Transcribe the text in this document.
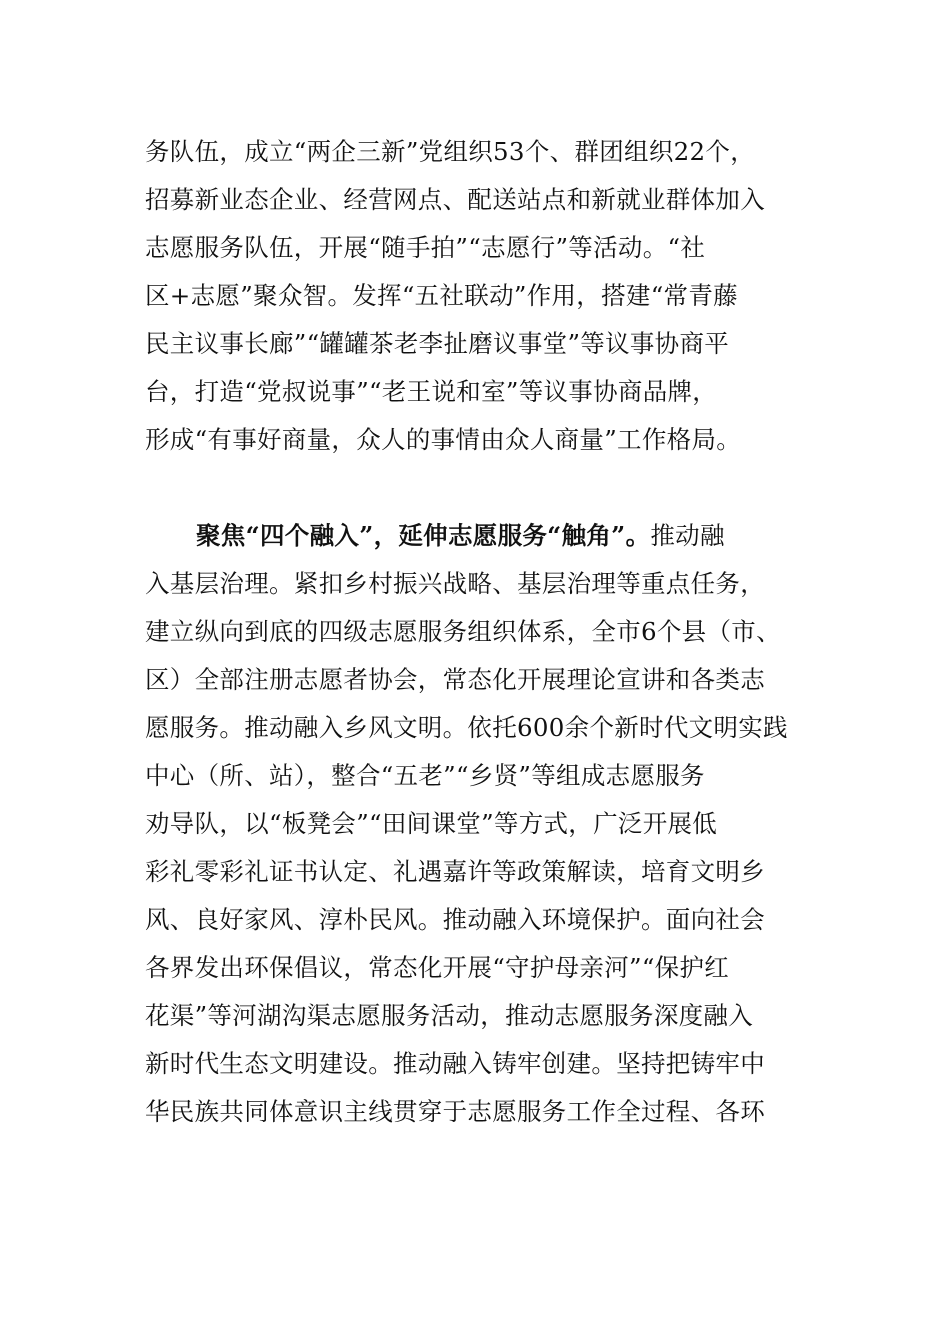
务队伍，成立“两企三新”党组织53个、群团组织22个，
招募新业态企业、经营网点、配送站点和新就业群体加入
志愿服务队伍，开展“随手拍”“志愿行”等活动。“社
区+志愿”聚众智。发挥“五社联动”作用，搭建“常青藤
民主议事长廊”“罐罐茶老李扯磨议事堂”等议事协商平
台，打造“党叔说事”“老王说和室”等议事协商品牌，
形成“有事好商量，众人的事情由众人商量”工作格局。
聚焦“四个融入”，延伸志愿服务“触角”。推动融
入基层治理。紧扣乡村振兴战略、基层治理等重点任务，
建立纵向到底的四级志愿服务组织体系，全市6个县（市、
区）全部注册志愿者协会，常态化开展理论宣讲和各类志
愿服务。推动融入乡风文明。依托600余个新时代文明实践
中心（所、站），整合“五老”“乡贤”等组成志愿服务
劝导队，以“板凳会”“田间课堂”等方式，广泛开展低
彩礼零彩礼证书认定、礼遇嘉许等政策解读，培育文明乡
风、良好家风、淳朴民风。推动融入环境保护。面向社会
各界发出环保倡议，常态化开展“守护母亲河”“保护红
花渠”等河湖沟渠志愿服务活动，推动志愿服务深度融入
新时代生态文明建设。推动融入铸牢创建。坚持把铸牢中
华民族共同体意识主线贯穿于志愿服务工作全过程、各环
